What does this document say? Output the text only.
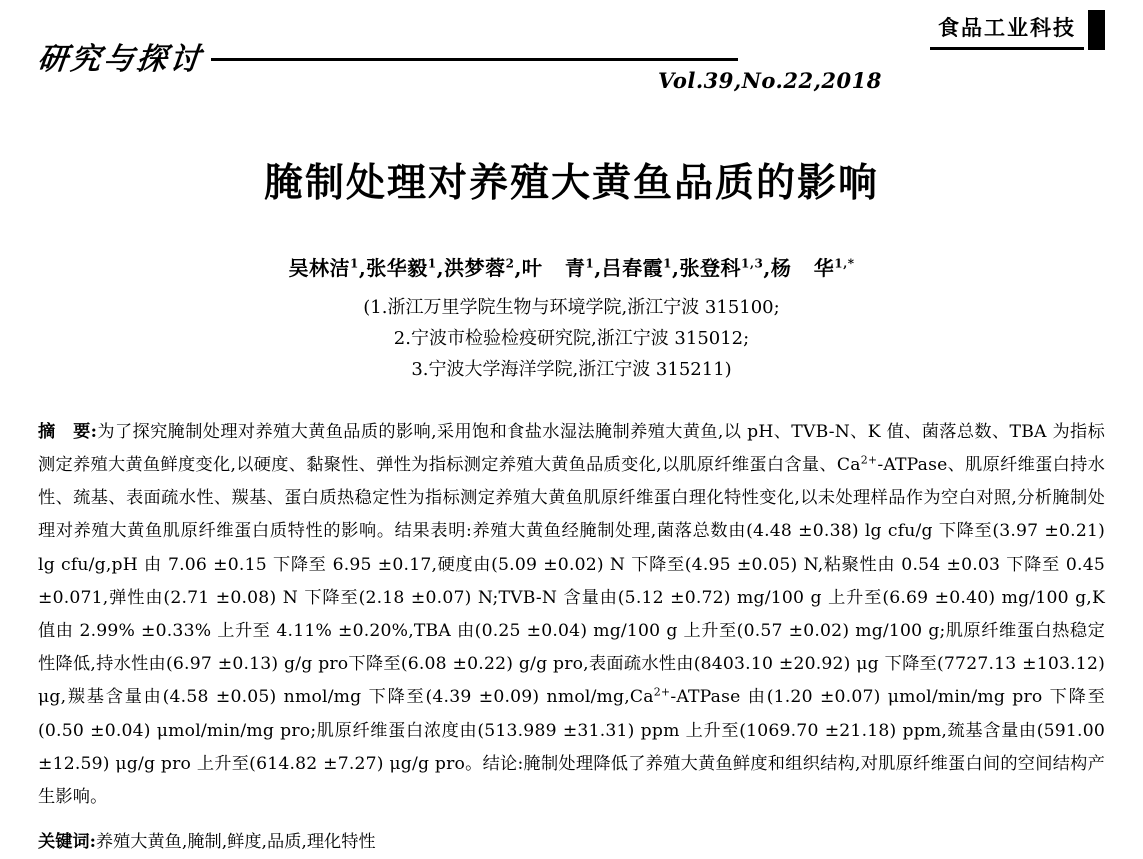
研究与探讨
食品工业科技
Vol.39,No.22,2018
腌制处理对养殖大黄鱼品质的影响
吴林洁$^1$,张华毅$^1$,洪梦蓉$^2$,叶   青$^1$,吕春霞$^1$,张登科$^{1,3}$,杨   华$^{1,*}$
(1.浙江万里学院生物与环境学院,浙江宁波 315100;
2.宁波市检验检疫研究院,浙江宁波 315012;
3.宁波大学海洋学院,浙江宁波 315211)
摘　要:为了探究腌制处理对养殖大黄鱼品质的影响,采用饱和食盐水湿法腌制养殖大黄鱼,以 pH、TVB-N、K 值、菌落总数、TBA 为指标测定养殖大黄鱼鲜度变化,以硬度、黏聚性、弹性为指标测定养殖大黄鱼品质变化,以肌原纤维蛋白含量、$Ca^{2+}$-ATPase、肌原纤维蛋白持水性、巯基、表面疏水性、羰基、蛋白质热稳定性为指标测定养殖大黄鱼肌原纤维蛋白理化特性变化,以未处理样品作为空白对照,分析腌制处理对养殖大黄鱼肌原纤维蛋白质特性的影响。结果表明:养殖大黄鱼经腌制处理,菌落总数由(4.48 ±0.38) lg cfu/g 下降至(3.97 ±0.21) lg cfu/g,pH 由 7.06 ±0.15 下降至 6.95 ±0.17,硬度由(5.09 ±0.02) N 下降至(4.95 ±0.05) N,粘聚性由 0.54 ±0.03 下降至 0.45 ±0.071,弹性由(2.71 ±0.08) N 下降至(2.18 ±0.07) N;TVB-N 含量由(5.12 ±0.72) mg/100 g 上升至(6.69 ±0.40) mg/100 g,K 值由 2.99% ±0.33% 上升至 4.11% ±0.20%,TBA 由(0.25 ±0.04) mg/100 g 上升至(0.57 ±0.02) mg/100 g;肌原纤维蛋白热稳定性降低,持水性由(6.97 ±0.13) g/g pro下降至(6.08 ±0.22) g/g pro,表面疏水性由(8403.10 ±20.92) μg 下降至(7727.13 ±103.12) μg,羰基含量由(4.58 ±0.05) nmol/mg 下降至(4.39 ±0.09) nmol/$mg,Ca^{2+}$-ATPase 由(1.20 ±0.07) μmol/min/mg pro 下降至(0.50 ±0.04) μmol/min/mg pro;肌原纤维蛋白浓度由(513.989 ±31.31) ppm 上升至(1069.70 ±21.18) ppm,巯基含量由(591.00 ±12.59) μg/g pro 上升至(614.82 ±7.27) μg/g pro。结论:腌制处理降低了养殖大黄鱼鲜度和组织结构,对肌原纤维蛋白间的空间结构产生影响。
关键词:养殖大黄鱼,腌制,鲜度,品质,理化特性
